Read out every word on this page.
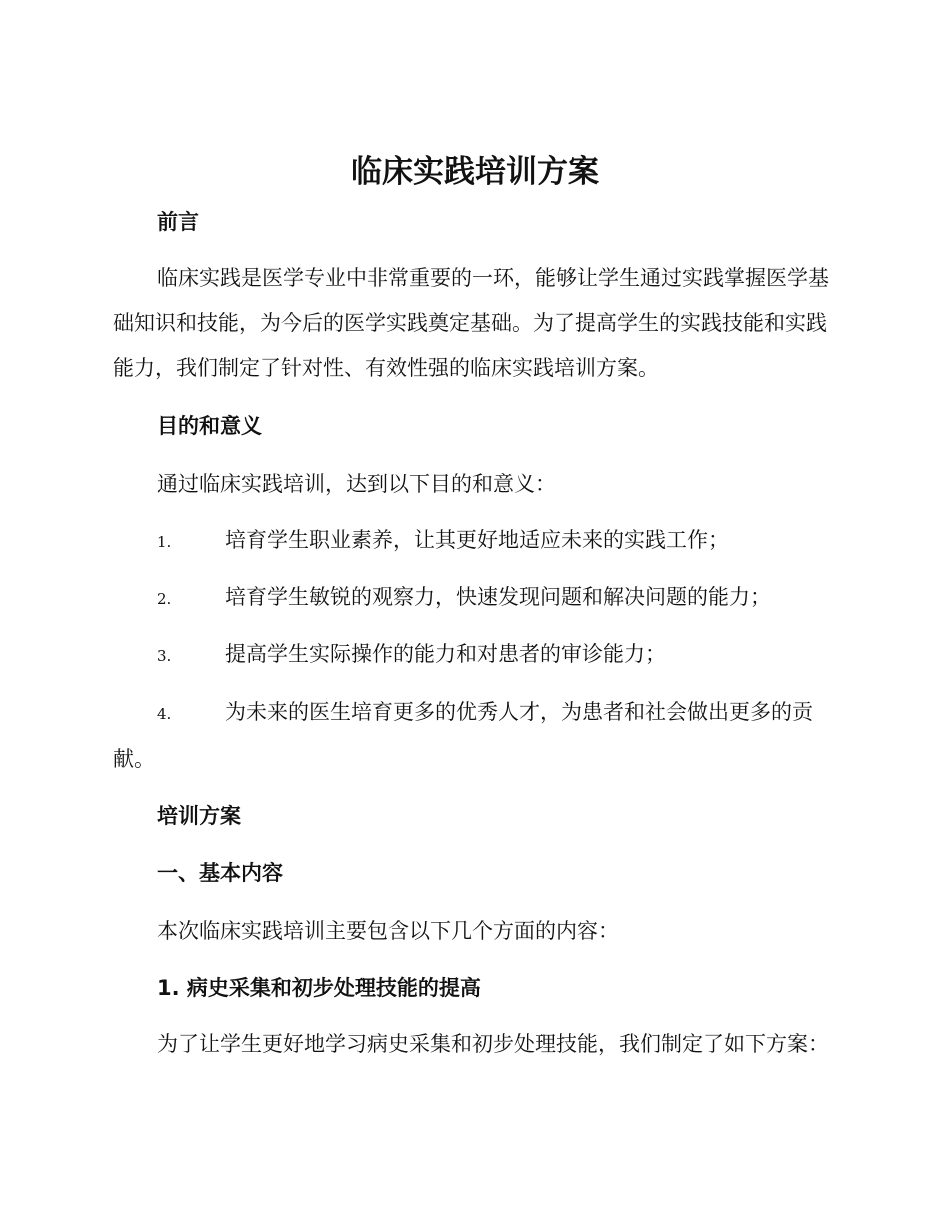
临床实践培训方案
前言

临床实践是医学专业中非常重要的一环，能够让学生通过实践掌握医学基础知识和技能，为今后的医学实践奠定基础。为了提高学生的实践技能和实践能力，我们制定了针对性、有效性强的临床实践培训方案。

目的和意义

通过临床实践培训，达到以下目的和意义：

1.	培育学生职业素养，让其更好地适应未来的实践工作；

2.	培育学生敏锐的观察力，快速发现问题和解决问题的能力；

3.	提高学生实际操作的能力和对患者的审诊能力；

4.	为未来的医生培育更多的优秀人才，为患者和社会做出更多的贡献。

培训方案
一、基本内容

本次临床实践培训主要包含以下几个方面的内容：

1. 病史采集和初步处理技能的提高

为了让学生更好地学习病史采集和初步处理技能，我们制定了如下方案：
